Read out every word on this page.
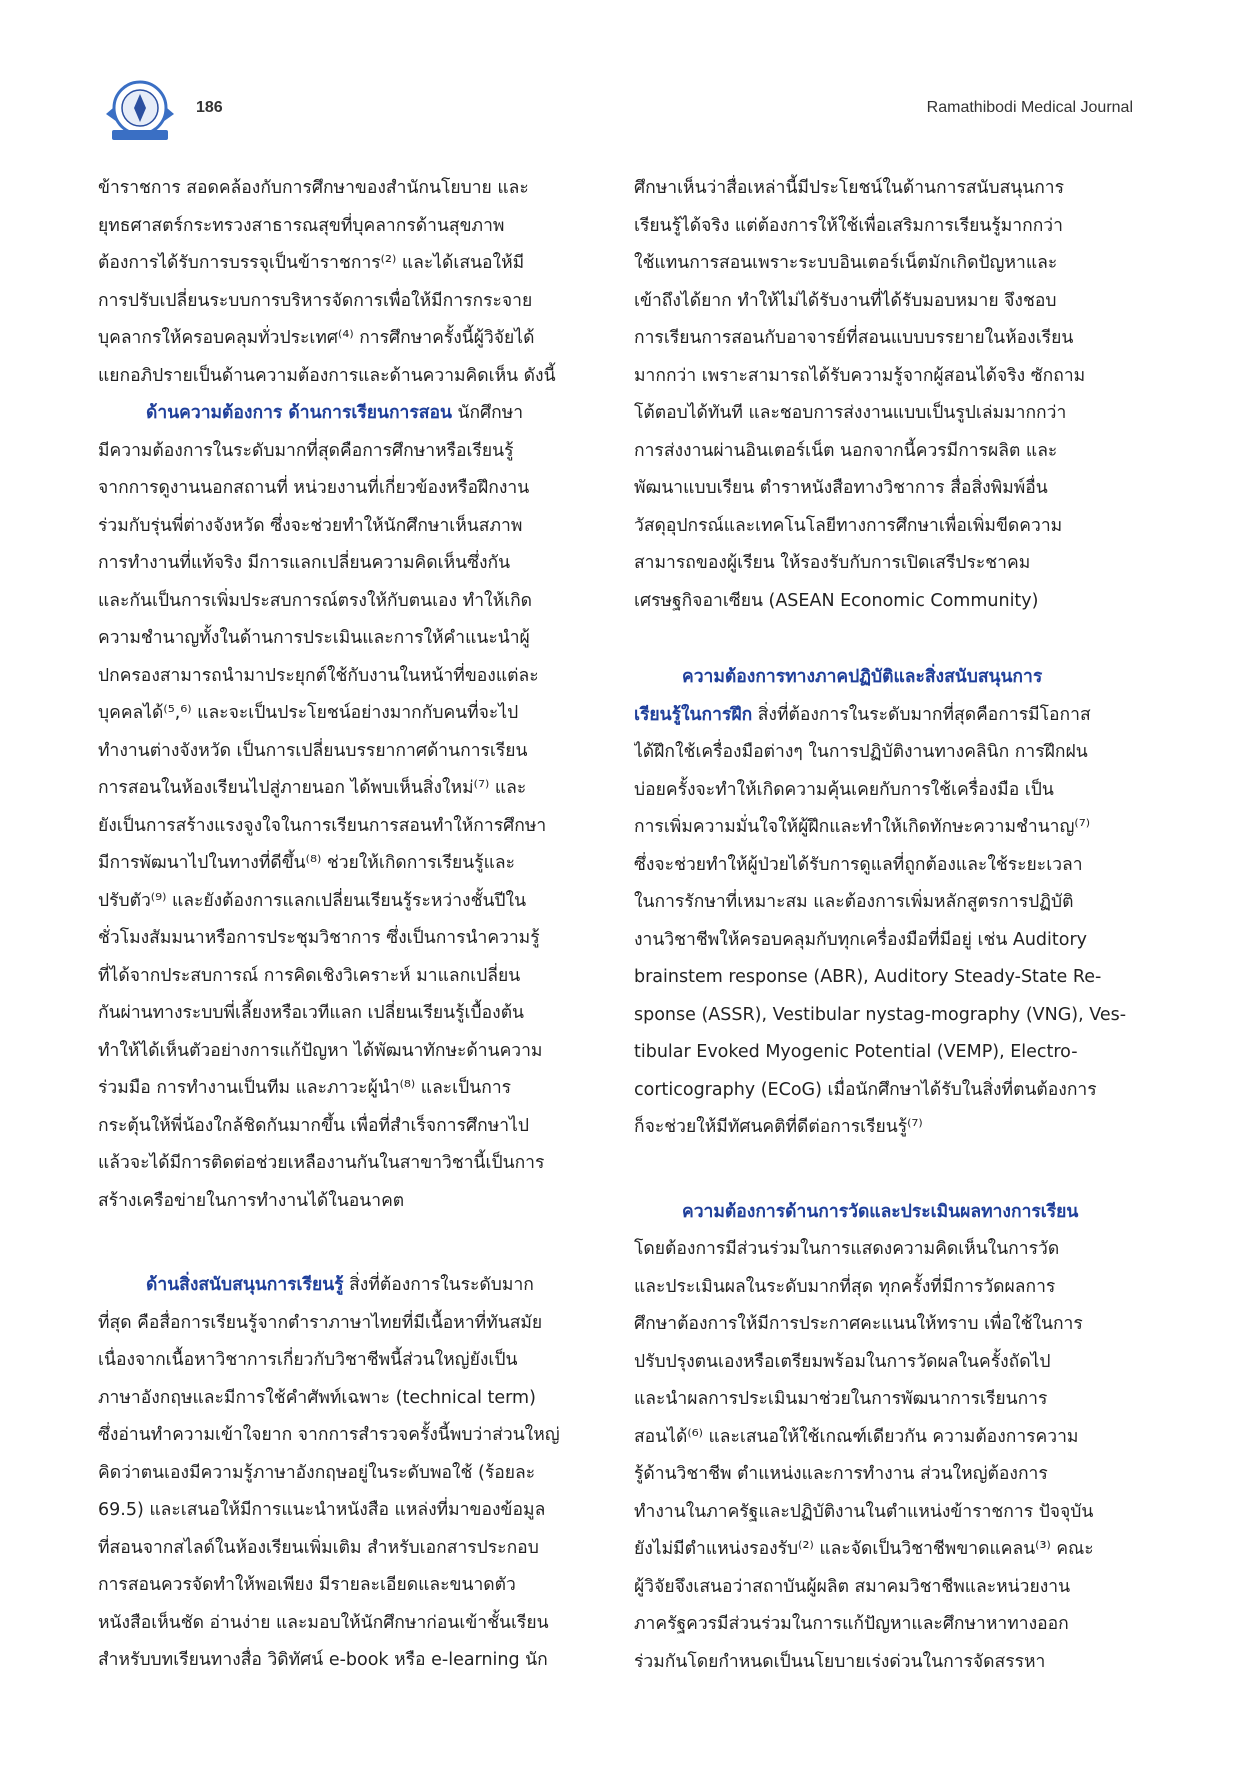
186	Ramathibodi Medical Journal
ข้าราชการ สอดคล้องกับการศึกษาของสำนักนโยบาย และ
ยุทธศาสตร์กระทรวงสาธารณสุขที่บุคลากรด้านสุขภาพ
ต้องการได้รับการบรรจุเป็นข้าราชการ⁽²⁾ และได้เสนอให้มี
การปรับเปลี่ยนระบบการบริหารจัดการเพื่อให้มีการกระจาย
บุคลากรให้ครอบคลุมทั่วประเทศ⁽⁴⁾ การศึกษาครั้งนี้ผู้วิจัยได้
แยกอภิปรายเป็นด้านความต้องการและด้านความคิดเห็น ดังนี้
ด้านความต้องการ ด้านการเรียนการสอน นักศึกษา
มีความต้องการในระดับมากที่สุดคือการศึกษาหรือเรียนรู้
จากการดูงานนอกสถานที่ หน่วยงานที่เกี่ยวข้องหรือฝึกงาน
ร่วมกับรุ่นพี่ต่างจังหวัด ซึ่งจะช่วยทำให้นักศึกษาเห็นสภาพ
การทำงานที่แท้จริง มีการแลกเปลี่ยนความคิดเห็นซึ่งกัน
และกันเป็นการเพิ่มประสบการณ์ตรงให้กับตนเอง ทำให้เกิด
ความชำนาญทั้งในด้านการประเมินและการให้คำแนะนำผู้
ปกครองสามารถนำมาประยุกต์ใช้กับงานในหน้าที่ของแต่ละ
บุคคลได้⁽⁵,⁶⁾ และจะเป็นประโยชน์อย่างมากกับคนที่จะไป
ทำงานต่างจังหวัด เป็นการเปลี่ยนบรรยากาศด้านการเรียน
การสอนในห้องเรียนไปสู่ภายนอก ได้พบเห็นสิ่งใหม่⁽⁷⁾ และ
ยังเป็นการสร้างแรงจูงใจในการเรียนการสอนทำให้การศึกษา
มีการพัฒนาไปในทางที่ดีขึ้น⁽⁸⁾ ช่วยให้เกิดการเรียนรู้และ
ปรับตัว⁽⁹⁾ และยังต้องการแลกเปลี่ยนเรียนรู้ระหว่างชั้นปีใน
ชั่วโมงสัมมนาหรือการประชุมวิชาการ ซึ่งเป็นการนำความรู้
ที่ได้จากประสบการณ์ การคิดเชิงวิเคราะห์ มาแลกเปลี่ยน
กันผ่านทางระบบพี่เลี้ยงหรือเวทีแลก เปลี่ยนเรียนรู้เบื้องต้น
ทำให้ได้เห็นตัวอย่างการแก้ปัญหา ได้พัฒนาทักษะด้านความ
ร่วมมือ การทำงานเป็นทีม และภาวะผู้นำ⁽⁸⁾ และเป็นการ
กระตุ้นให้พี่น้องใกล้ชิดกันมากขึ้น เพื่อที่สำเร็จการศึกษาไป
แล้วจะได้มีการติดต่อช่วยเหลืองานกันในสาขาวิชานี้เป็นการ
สร้างเครือข่ายในการทำงานได้ในอนาคต
ด้านสิ่งสนับสนุนการเรียนรู้ สิ่งที่ต้องการในระดับมาก
ที่สุด คือสื่อการเรียนรู้จากตำราภาษาไทยที่มีเนื้อหาที่ทันสมัย
เนื่องจากเนื้อหาวิชาการเกี่ยวกับวิชาชีพนี้ส่วนใหญ่ยังเป็น
ภาษาอังกฤษและมีการใช้คำศัพท์เฉพาะ (technical term)
ซึ่งอ่านทำความเข้าใจยาก จากการสำรวจครั้งนี้พบว่าส่วนใหญ่
คิดว่าตนเองมีความรู้ภาษาอังกฤษอยู่ในระดับพอใช้ (ร้อยละ
69.5) และเสนอให้มีการแนะนำหนังสือ แหล่งที่มาของข้อมูล
ที่สอนจากสไลด์ในห้องเรียนเพิ่มเติม สำหรับเอกสารประกอบ
การสอนควรจัดทำให้พอเพียง มีรายละเอียดและขนาดตัว
หนังสือเห็นชัด อ่านง่าย และมอบให้นักศึกษาก่อนเข้าชั้นเรียน
สำหรับบทเรียนทางสื่อ วิดิทัศน์ e-book หรือ e-learning นัก
ศึกษาเห็นว่าสื่อเหล่านี้มีประโยชน์ในด้านการสนับสนุนการ
เรียนรู้ได้จริง แต่ต้องการให้ใช้เพื่อเสริมการเรียนรู้มากกว่า
ใช้แทนการสอนเพราะระบบอินเตอร์เน็ตมักเกิดปัญหาและ
เข้าถึงได้ยาก ทำให้ไม่ได้รับงานที่ได้รับมอบหมาย จึงชอบ
การเรียนการสอนกับอาจารย์ที่สอนแบบบรรยายในห้องเรียน
มากกว่า เพราะสามารถได้รับความรู้จากผู้สอนได้จริง ซักถาม
โต้ตอบได้ทันที และชอบการส่งงานแบบเป็นรูปเล่มมากกว่า
การส่งงานผ่านอินเตอร์เน็ต นอกจากนี้ควรมีการผลิต และ
พัฒนาแบบเรียน ตำราหนังสือทางวิชาการ สื่อสิ่งพิมพ์อื่น
วัสดุอุปกรณ์และเทคโนโลยีทางการศึกษาเพื่อเพิ่มขีดความ
สามารถของผู้เรียน ให้รองรับกับการเปิดเสรีประชาคม
เศรษฐกิจอาเซียน (ASEAN Economic Community)
ความต้องการทางภาคปฏิบัติและสิ่งสนับสนุนการ
เรียนรู้ในการฝึก สิ่งที่ต้องการในระดับมากที่สุดคือการมีโอกาส
ได้ฝึกใช้เครื่องมือต่างๆ ในการปฏิบัติงานทางคลินิก การฝึกฝน
บ่อยครั้งจะทำให้เกิดความคุ้นเคยกับการใช้เครื่องมือ เป็น
การเพิ่มความมั่นใจให้ผู้ฝึกและทำให้เกิดทักษะความชำนาญ⁽⁷⁾
ซึ่งจะช่วยทำให้ผู้ป่วยได้รับการดูแลที่ถูกต้องและใช้ระยะเวลา
ในการรักษาที่เหมาะสม และต้องการเพิ่มหลักสูตรการปฏิบัติ
งานวิชาชีพให้ครอบคลุมกับทุกเครื่องมือที่มีอยู่ เช่น Auditory
brainstem response (ABR), Auditory Steady-State Re-
sponse (ASSR), Vestibular nystag-mography (VNG), Ves-
tibular Evoked Myogenic Potential (VEMP), Electro-
corticography (ECoG) เมื่อนักศึกษาได้รับในสิ่งที่ตนต้องการ
ก็จะช่วยให้มีทัศนคติที่ดีต่อการเรียนรู้⁽⁷⁾
ความต้องการด้านการวัดและประเมินผลทางการเรียน
โดยต้องการมีส่วนร่วมในการแสดงความคิดเห็นในการวัด
และประเมินผลในระดับมากที่สุด ทุกครั้งที่มีการวัดผลการ
ศึกษาต้องการให้มีการประกาศคะแนนให้ทราบ เพื่อใช้ในการ
ปรับปรุงตนเองหรือเตรียมพร้อมในการวัดผลในครั้งถัดไป
และนำผลการประเมินมาช่วยในการพัฒนาการเรียนการ
สอนได้⁽⁶⁾ และเสนอให้ใช้เกณฑ์เดียวกัน ความต้องการความ
รู้ด้านวิชาชีพ ตำแหน่งและการทำงาน ส่วนใหญ่ต้องการ
ทำงานในภาครัฐและปฏิบัติงานในตำแหน่งข้าราชการ ปัจจุบัน
ยังไม่มีตำแหน่งรองรับ⁽²⁾ และจัดเป็นวิชาชีพขาดแคลน⁽³⁾ คณะ
ผู้วิจัยจึงเสนอว่าสถาบันผู้ผลิต สมาคมวิชาชีพและหน่วยงาน
ภาครัฐควรมีส่วนร่วมในการแก้ปัญหาและศึกษาหาทางออก
ร่วมกันโดยกำหนดเป็นนโยบายเร่งด่วนในการจัดสรรหา
